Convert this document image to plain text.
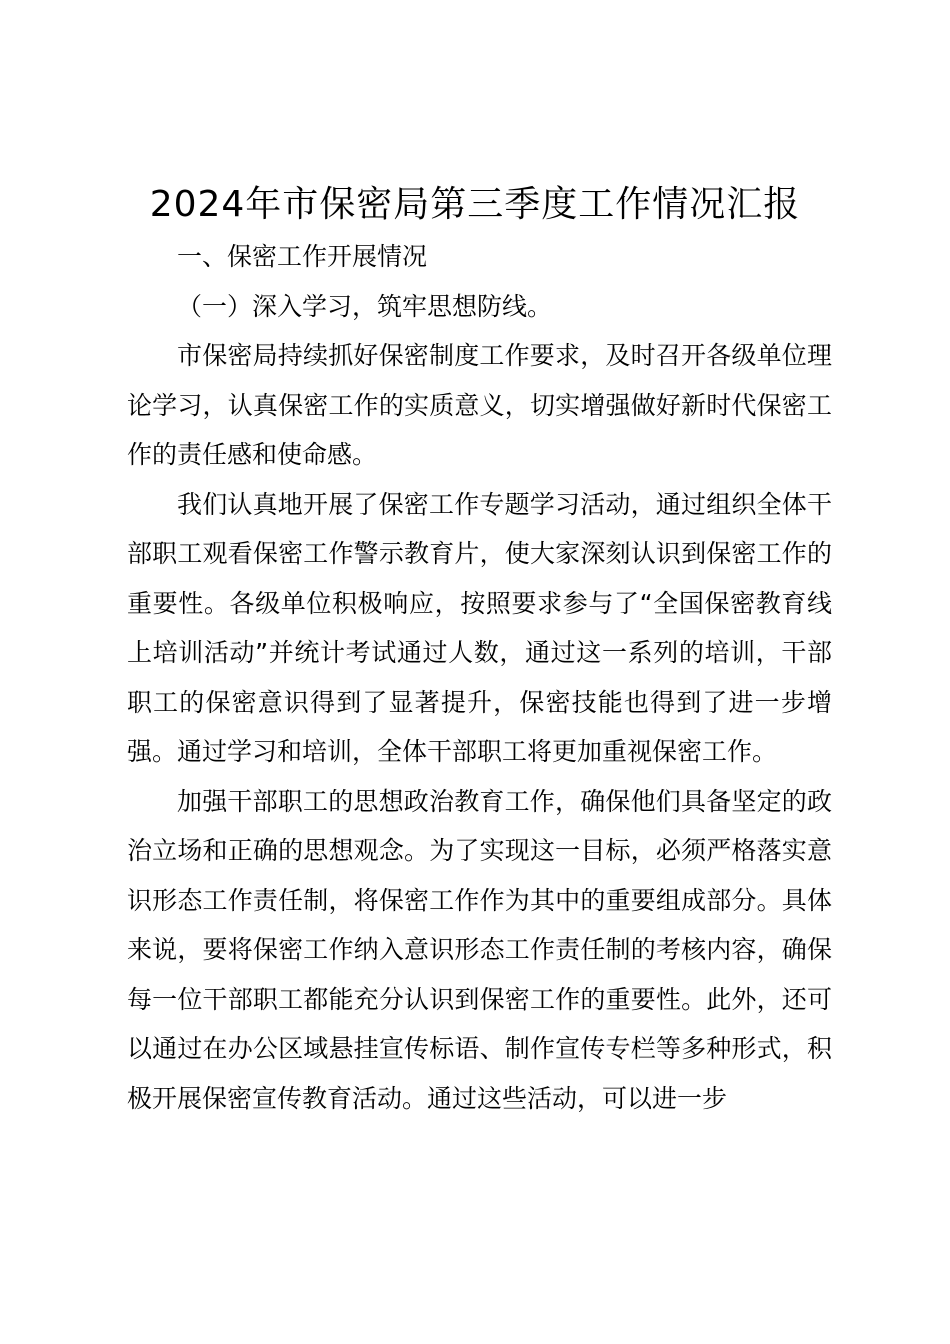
2024年市保密局第三季度工作情况汇报

一、保密工作开展情况

（一）深入学习，筑牢思想防线。

市保密局持续抓好保密制度工作要求，及时召开各级单位理论学习，认真保密工作的实质意义，切实增强做好新时代保密工作的责任感和使命感。

我们认真地开展了保密工作专题学习活动，通过组织全体干部职工观看保密工作警示教育片，使大家深刻认识到保密工作的重要性。各级单位积极响应，按照要求参与了“全国保密教育线上培训活动”并统计考试通过人数，通过这一系列的培训，干部职工的保密意识得到了显著提升，保密技能也得到了进一步增强。通过学习和培训，全体干部职工将更加重视保密工作。

加强干部职工的思想政治教育工作，确保他们具备坚定的政治立场和正确的思想观念。为了实现这一目标，必须严格落实意识形态工作责任制，将保密工作作为其中的重要组成部分。具体来说，要将保密工作纳入意识形态工作责任制的考核内容，确保每一位干部职工都能充分认识到保密工作的重要性。此外，还可以通过在办公区域悬挂宣传标语、制作宣传专栏等多种形式，积极开展保密宣传教育活动。通过这些活动，可以进一步
